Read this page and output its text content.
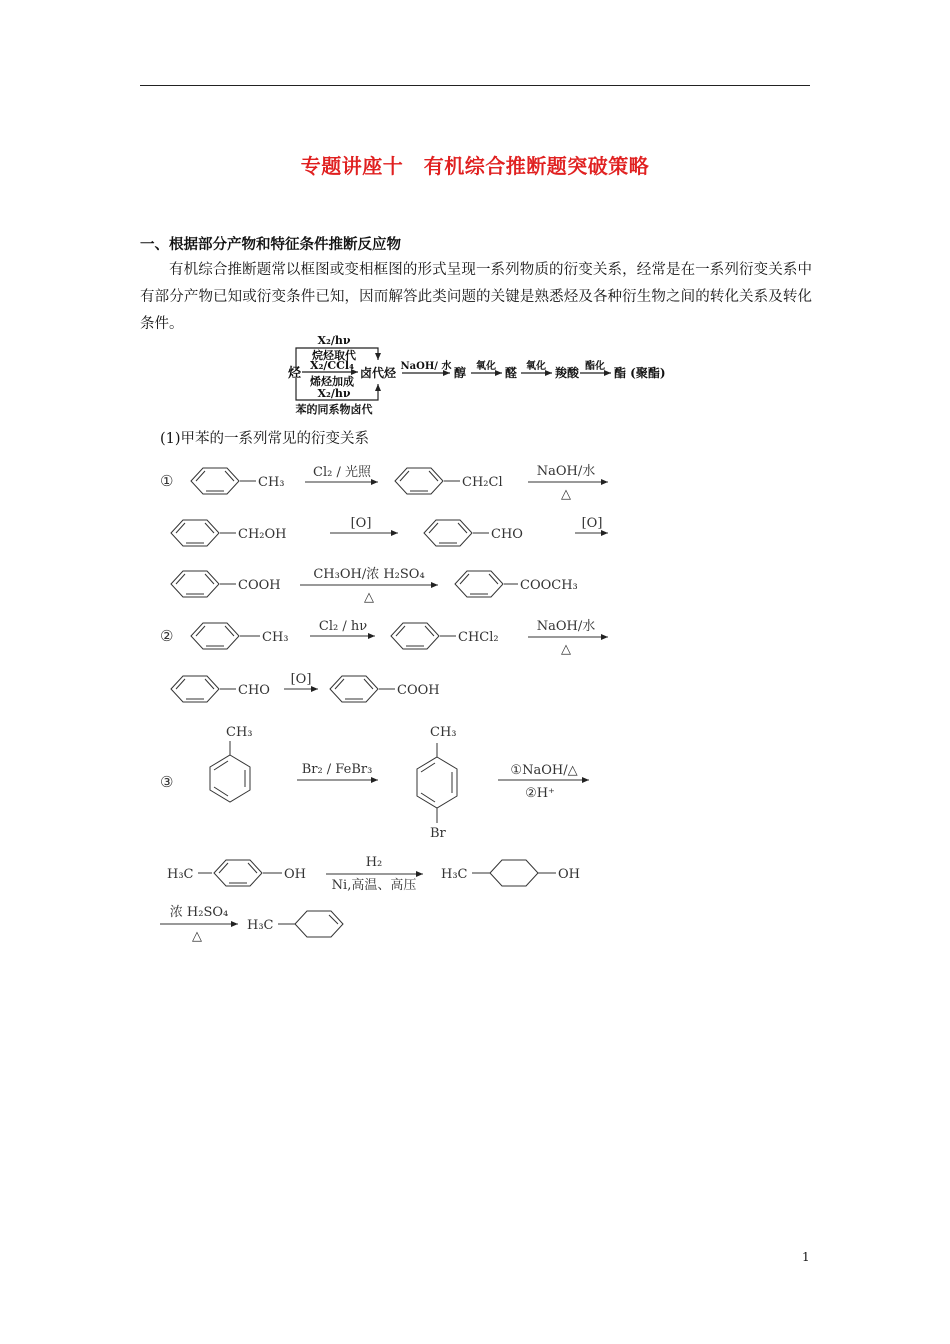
专题讲座十　有机综合推断题突破策略
一、根据部分产物和特征条件推断反应物
有机综合推断题常以框图或变相框图的形式呈现一系列物质的衍变关系，经常是在一系列衍变关系中有部分产物已知或衍变条件已知，因而解答此类问题的关键是熟悉烃及各种衍生物之间的转化关系及转化条件。
(1)甲苯的一系列常见的衍变关系
X₂/hν
烷烃取代
X₂/CCl₄
烯烃加成
X₂/hν
苯的同系物卤代
烃	卤代烃 NaOH/ 水 醇 氧化 醛 氧化 羧酸 酯化 酯 (聚酯)
①	CH₃
Cl₂ / 光照
CH₂Cl
NaOH/水
△
CH₂OH
[O]
CHO
[O]
COOH
CH₃OH/浓 H₂SO₄
△
COOCH₃
②	CH₃
Cl₂ / hν
CHCl₂
NaOH/水
△
CHO
[O]
COOH
③
CH₃
Br₂ / FeBr₃
CH₃
Br
①NaOH/△
②H⁺
H₃C	OH
H₂
Ni,高温、高压
H₃C	OH
浓 H₂SO₄
△
H₃C
1
